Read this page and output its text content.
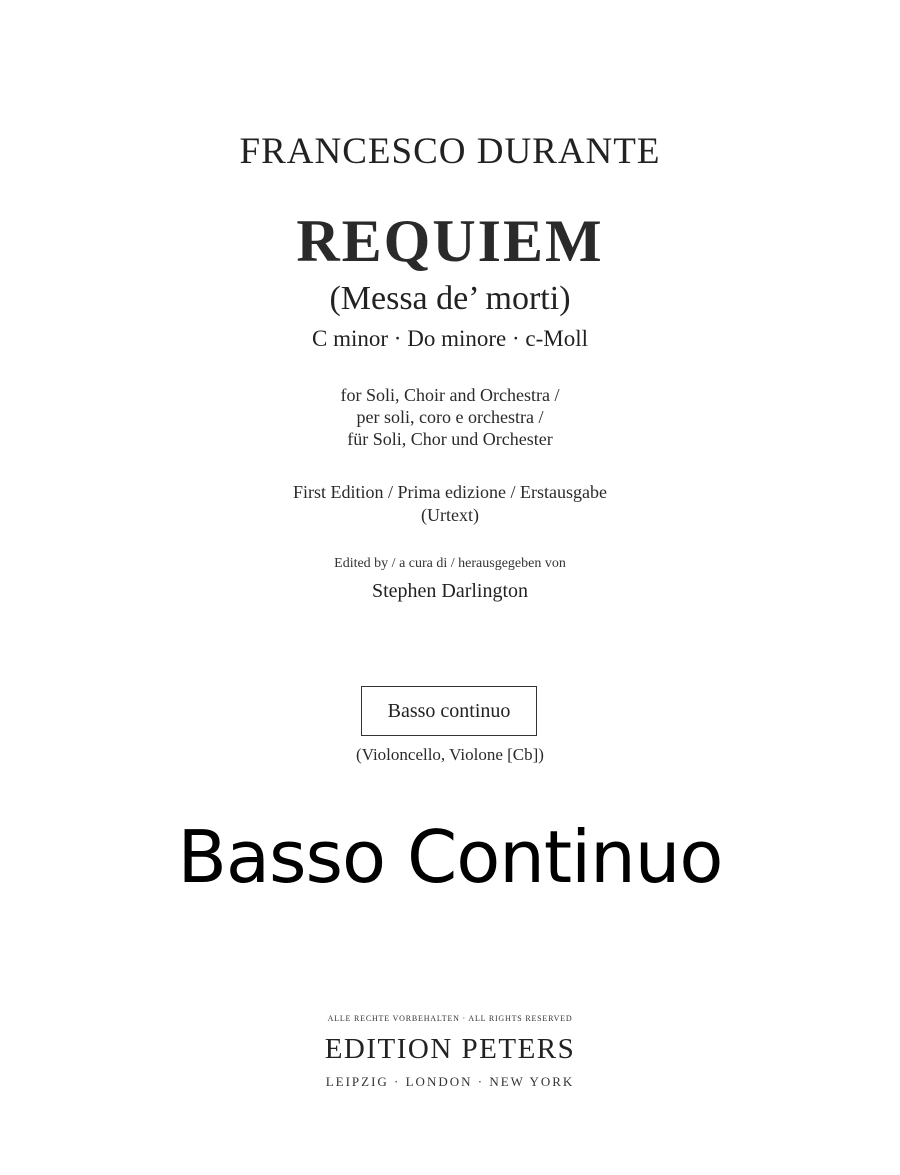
FRANCESCO DURANTE
REQUIEM
(Messa de’ morti)
C minor · Do minore · c-Moll
for Soli, Choir and Orchestra /
per soli, coro e orchestra /
für Soli, Chor und Orchester
First Edition / Prima edizione / Erstausgabe
(Urtext)
Edited by / a cura di / herausgegeben von
Stephen Darlington
Basso continuo
(Violoncello, Violone [Cb])
Basso Continuo
ALLE RECHTE VORBEHALTEN · ALL RIGHTS RESERVED
EDITION PETERS
LEIPZIG · LONDON · NEW YORK
